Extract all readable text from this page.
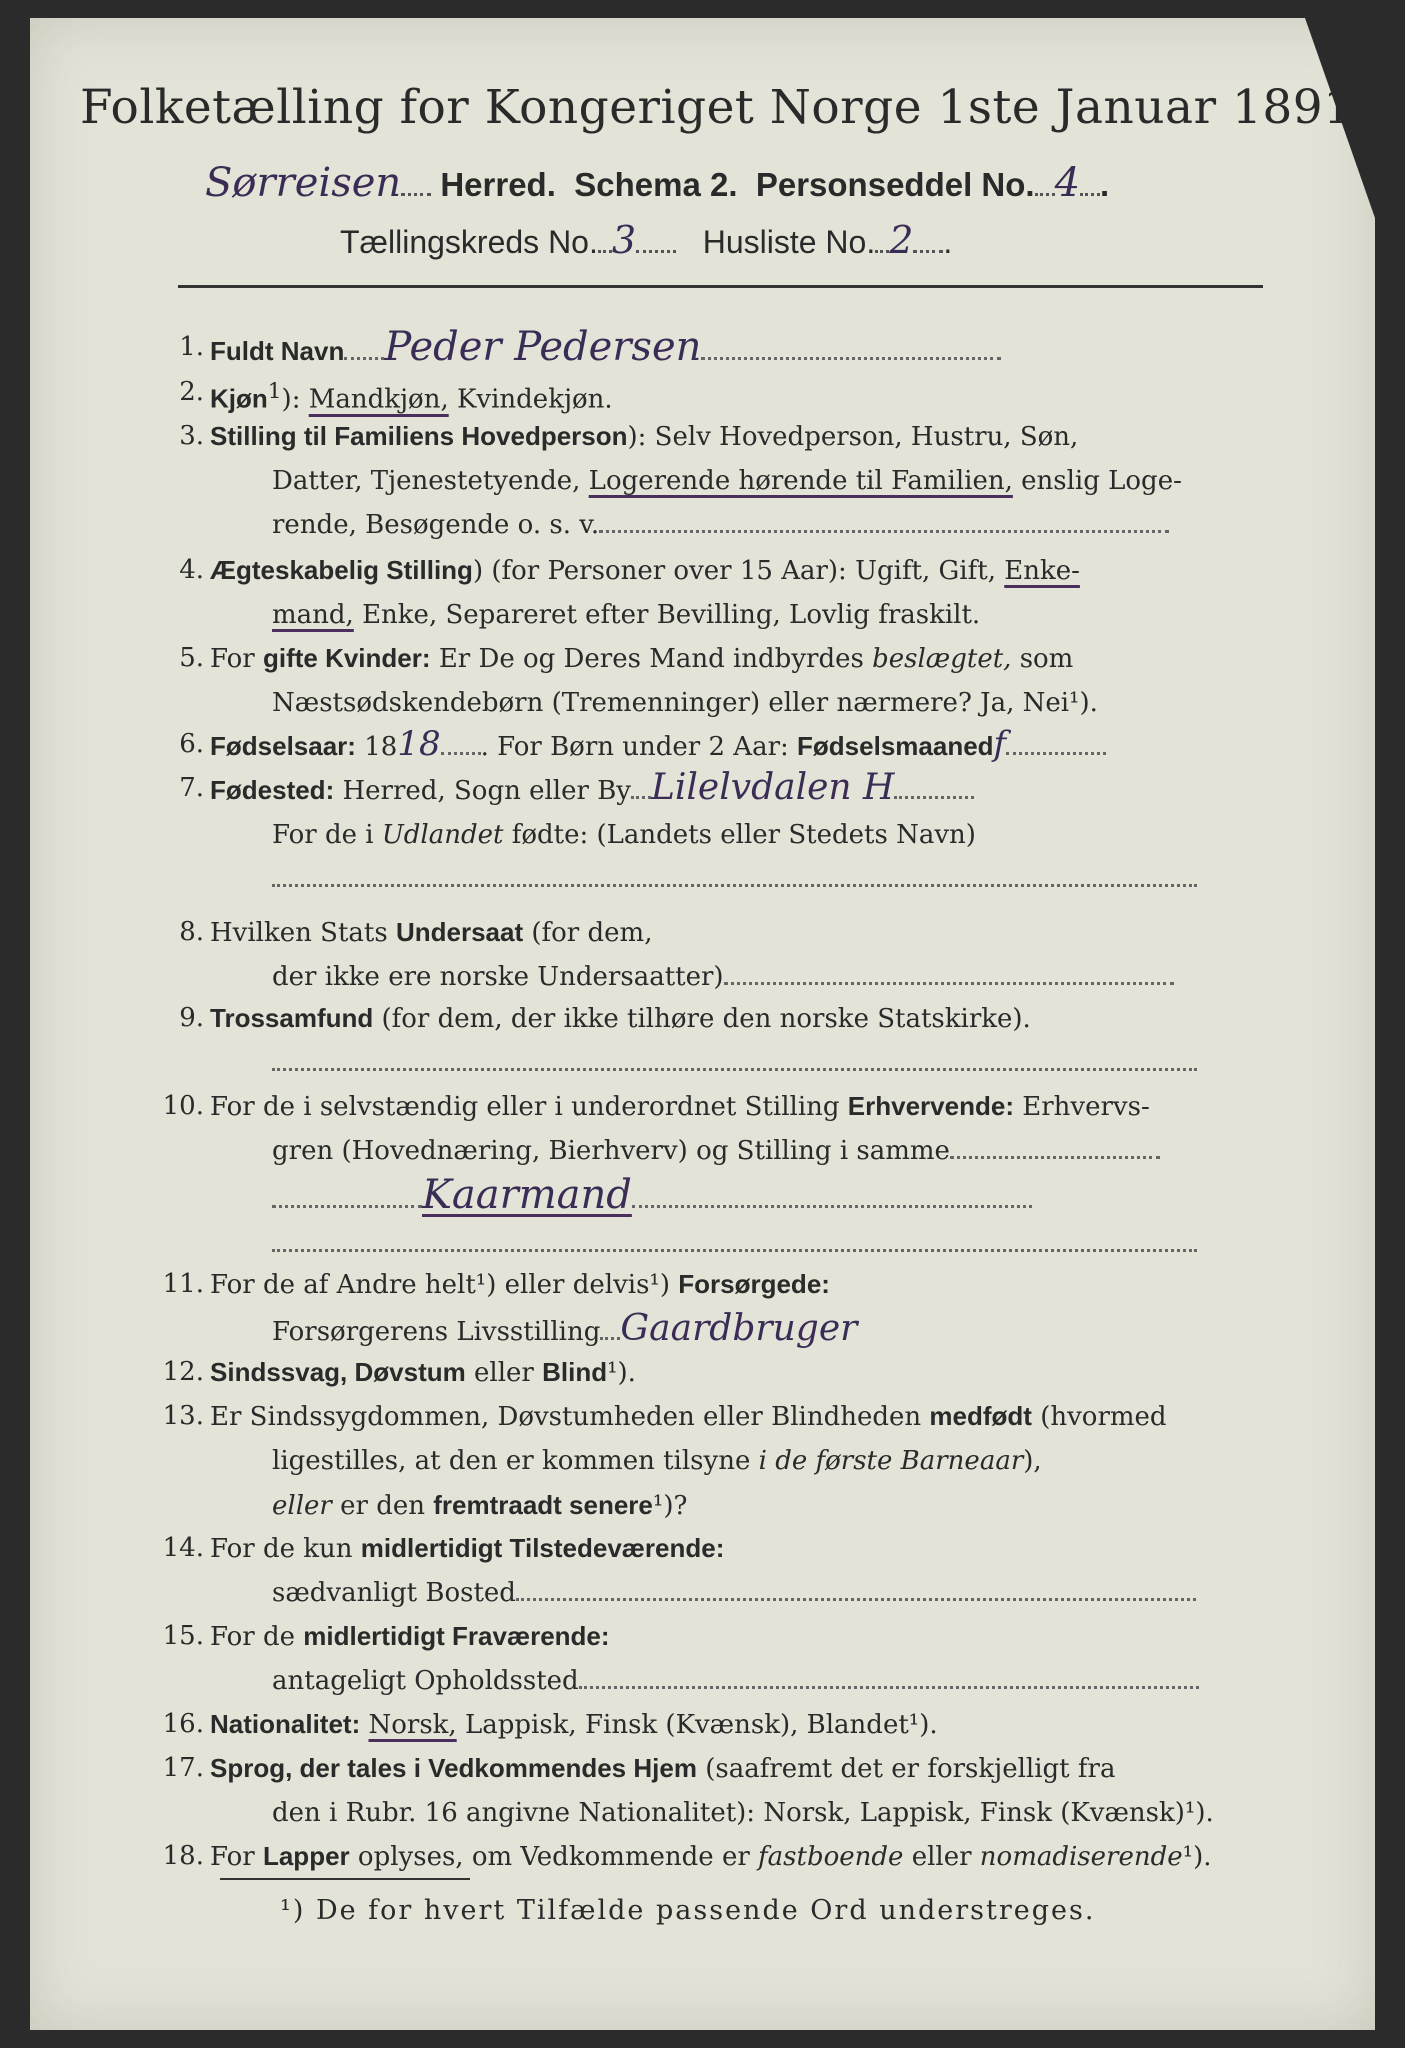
Folketælling for Kongeriget Norge 1ste Januar 1891.
Sørreisen Herred. Schema 2. Personseddel No. 4 .
Tællingskreds No. 3 Husliste No. 2 .
1. Fuldt Navn Peder Pedersen
2. Kjøn$^1$): Mandkjøn, Kvindekjøn.
3. Stilling til Familiens Hovedperson): Selv Hovedperson, Hustru, Søn,
Datter, Tjenestetyende, Logerende hørende til Familien, enslig Loge-
rende, Besøgende o. s. v.
4. Ægteskabelig Stilling) (for Personer over 15 Aar): Ugift, Gift, Enke-
mand, Enke, Separeret efter Bevilling, Lovlig fraskilt.
5. For gifte Kvinder: Er De og Deres Mand indbyrdes beslægtet, som
Næstsødskendebørn (Tremenninger) eller nærmere? Ja, Nei¹).
6. Fødselsaar: 1818 . For Børn under 2 Aar: Fødselsmaanedf
7. Fødested: Herred, Sogn eller By Lilelvdalen H
For de i Udlandet fødte: (Landets eller Stedets Navn)
8. Hvilken Stats Undersaat (for dem,
der ikke ere norske Undersaatter)
9. Trossamfund (for dem, der ikke tilhøre den norske Statskirke).
10. For de i selvstændig eller i underordnet Stilling Erhvervende: Erhvervs-
gren (Hovednæring, Bierhverv) og Stilling i samme
Kaarmand
11. For de af Andre helt¹) eller delvis¹) Forsørgede:
Forsørgerens Livsstilling Gaardbruger
12. Sindssvag, Døvstum eller Blind¹).
13. Er Sindssygdommen, Døvstumheden eller Blindheden medfødt (hvormed
ligestilles, at den er kommen tilsyne i de første Barneaar),
eller er den fremtraadt senere¹)?
14. For de kun midlertidigt Tilstedeværende:
sædvanligt Bosted
15. For de midlertidigt Fraværende:
antageligt Opholdssted
16. Nationalitet: Norsk, Lappisk, Finsk (Kvænsk), Blandet¹).
17. Sprog, der tales i Vedkommendes Hjem (saafremt det er forskjelligt fra
den i Rubr. 16 angivne Nationalitet): Norsk, Lappisk, Finsk (Kvænsk)¹).
18. For Lapper oplyses, om Vedkommende er fastboende eller nomadiserende¹).
¹) De for hvert Tilfælde passende Ord understreges.
